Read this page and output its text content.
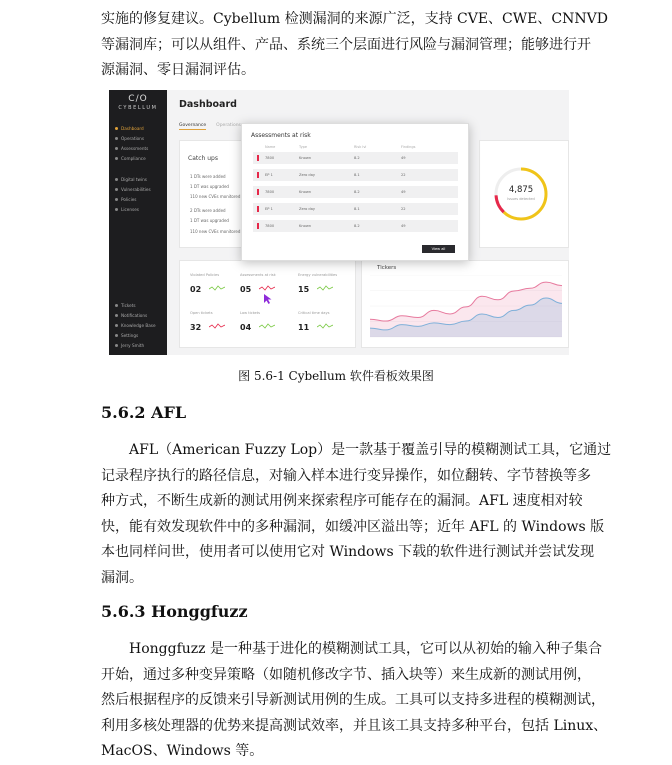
实施的修复建议。Cybellum 检测漏洞的来源广泛，支持 CVE、CWE、CNNVD
等漏洞库；可以从组件、产品、系统三个层面进行风险与漏洞管理；能够进行开
源漏洞、零日漏洞评估。
C/O
CYBELLUM
Dashboard
Operations
Assessments
Compliance
Digital twins
Vulnerabilities
Policies
Licenses
Tickets
Notifications
Knowledge Base
Settings
Jerry Smith
Dashboard
Governance Operations
Catch ups
1 DTs were added
1 DT was upgraded
110 new CVEs monitored
2 DTs were added
1 DT was upgraded
110 new CVEs monitored
4,875
Issues detected
Violated Policies
02
Assessments at risk
05
Energy vulnerabilities
15
Open tickets
32
Low tickets
04
Critical time days
11
Tickers
Assessments at risk
Name	Type	Risk lvl	Findings
7800	Known	8.2	49
EP 1	Zero day	8.1	22
7800	Known	8.2	49
EP 1	Zero day	8.1	22
7800	Known	8.2	49
View all
图 5.6-1 Cybellum 软件看板效果图
5.6.2 AFL
AFL（American Fuzzy Lop）是一款基于覆盖引导的模糊测试工具，它通过
记录程序执行的路径信息，对输入样本进行变异操作，如位翻转、字节替换等多
种方式，不断生成新的测试用例来探索程序可能存在的漏洞。AFL 速度相对较
快，能有效发现软件中的多种漏洞，如缓冲区溢出等；近年 AFL 的 Windows 版
本也同样问世，使用者可以使用它对 Windows 下载的软件进行测试并尝试发现
漏洞。
5.6.3 Honggfuzz
Honggfuzz 是一种基于进化的模糊测试工具，它可以从初始的输入种子集合
开始，通过多种变异策略（如随机修改字节、插入块等）来生成新的测试用例，
然后根据程序的反馈来引导新测试用例的生成。工具可以支持多进程的模糊测试，
利用多核处理器的优势来提高测试效率，并且该工具支持多种平台，包括 Linux、
MacOS、Windows 等。
